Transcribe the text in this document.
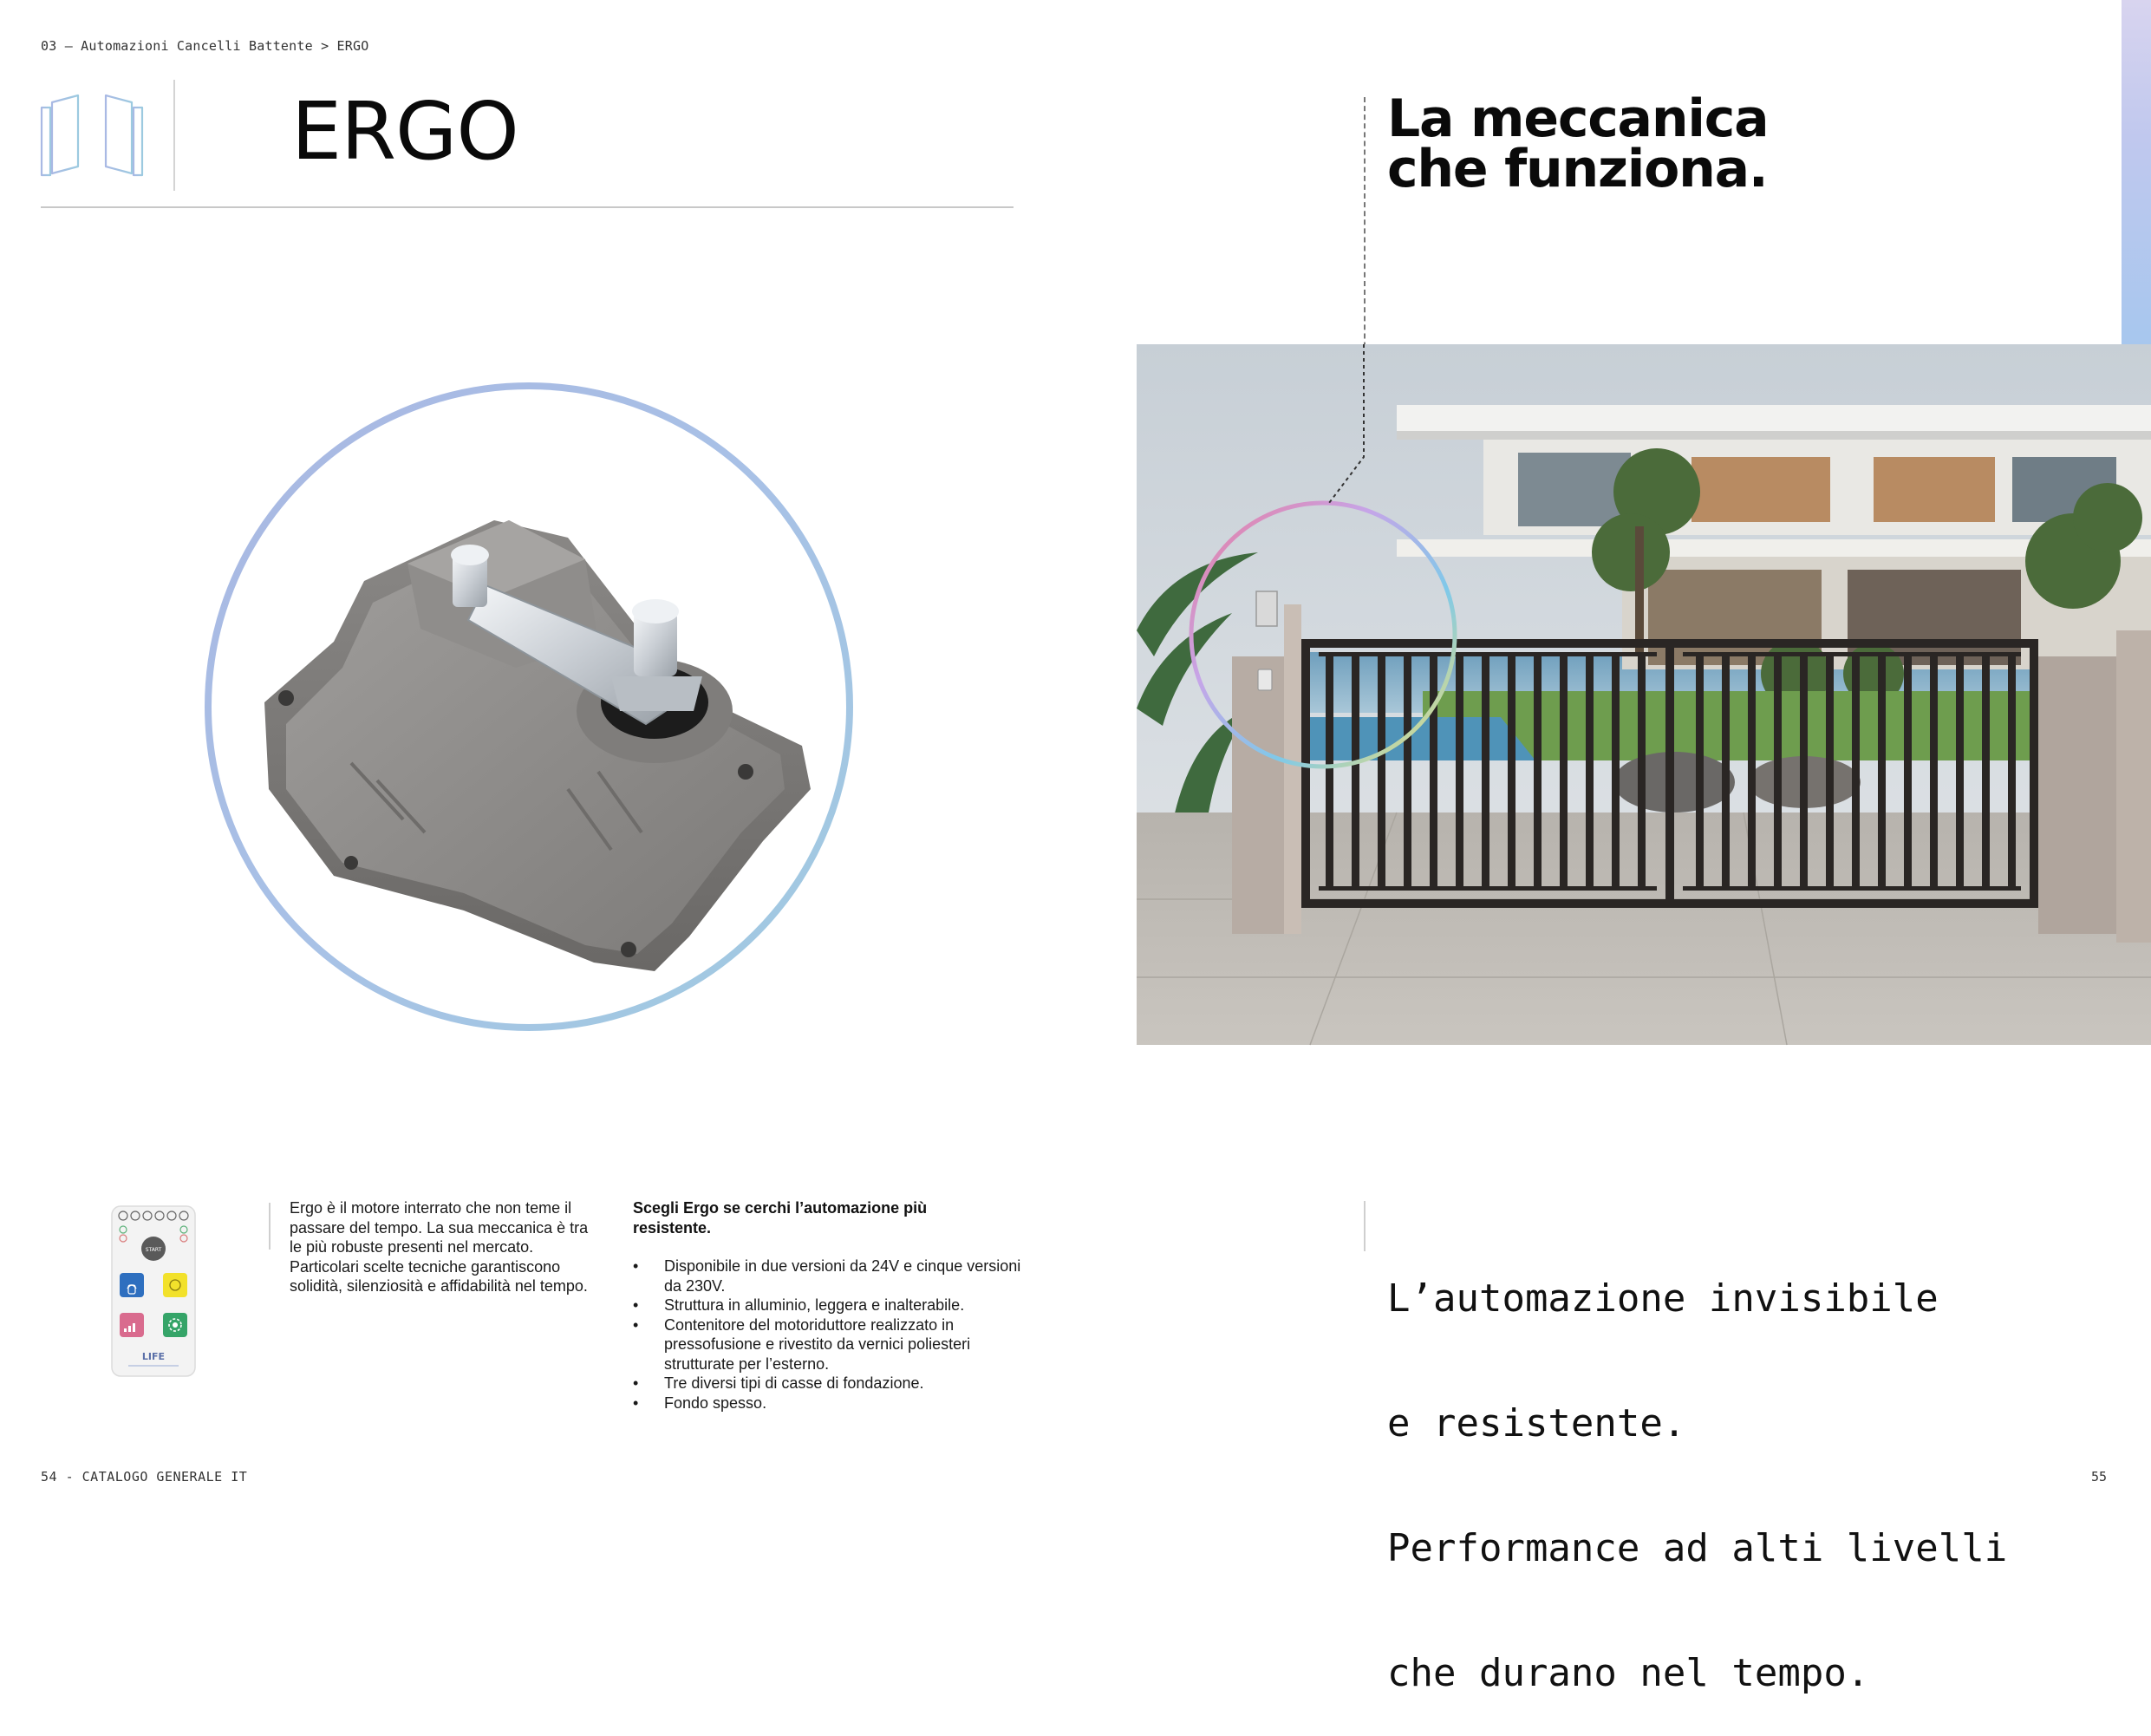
03 — Automazioni Cancelli Battente > ERGO
ERGO
START
LIFE
Ergo è il motore interrato che non teme il passare del tempo. La sua meccanica è tra le più robuste presenti nel mercato. Particolari scelte tecniche garantiscono solidità, silenziosità e affidabilità nel tempo.
Scegli Ergo se cerchi l’automazione più resistente.
• Disponibile in due versioni da 24V e cinque versioni da 230V.
• Struttura in alluminio, leggera e inalterabile.
• Contenitore del motoriduttore realizzato in pressofusione e rivestito da vernici poliesteri strutturate per l’esterno.
• Tre diversi tipi di casse di fondazione.
• Fondo spesso.
54 - CATALOGO GENERALE IT	55
La meccanica
che funziona.

L’automazione invisibile

e resistente.

Performance ad alti livelli

che durano nel tempo.
